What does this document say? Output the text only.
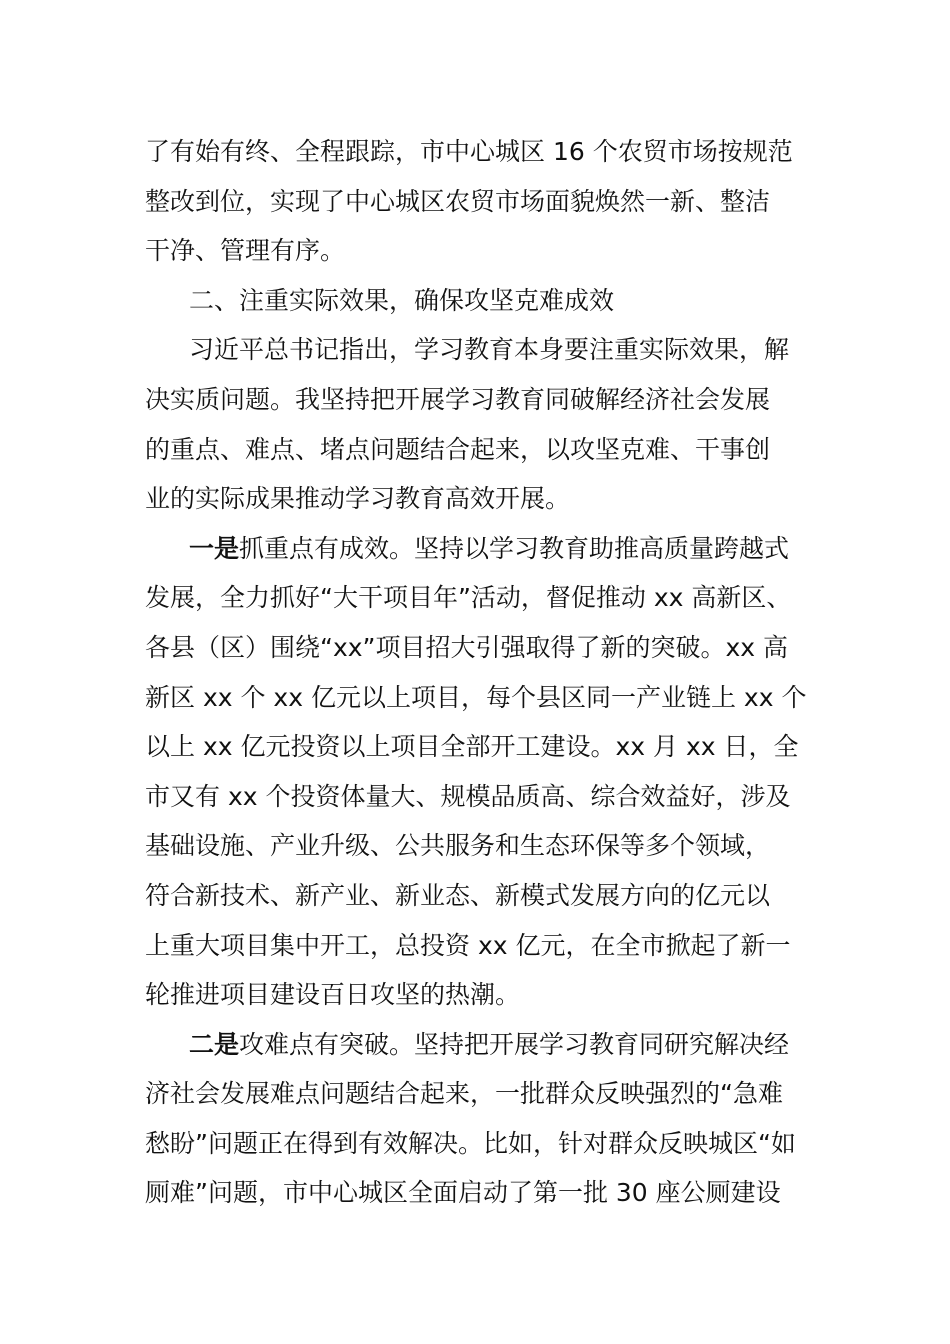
了有始有终、全程跟踪，市中心城区 16 个农贸市场按规范
整改到位，实现了中心城区农贸市场面貌焕然一新、整洁
干净、管理有序。
二、注重实际效果，确保攻坚克难成效
习近平总书记指出，学习教育本身要注重实际效果，解
决实质问题。我坚持把开展学习教育同破解经济社会发展
的重点、难点、堵点问题结合起来，以攻坚克难、干事创
业的实际成果推动学习教育高效开展。
一是抓重点有成效。坚持以学习教育助推高质量跨越式
发展，全力抓好“大干项目年”活动，督促推动 xx 高新区、
各县（区）围绕“xx”项目招大引强取得了新的突破。xx 高
新区 xx 个 xx 亿元以上项目，每个县区同一产业链上 xx 个
以上 xx 亿元投资以上项目全部开工建设。xx 月 xx 日，全
市又有 xx 个投资体量大、规模品质高、综合效益好，涉及
基础设施、产业升级、公共服务和生态环保等多个领域，
符合新技术、新产业、新业态、新模式发展方向的亿元以
上重大项目集中开工，总投资 xx 亿元，在全市掀起了新一
轮推进项目建设百日攻坚的热潮。
二是攻难点有突破。坚持把开展学习教育同研究解决经
济社会发展难点问题结合起来，一批群众反映强烈的“急难
愁盼”问题正在得到有效解决。比如，针对群众反映城区“如
厕难”问题，市中心城区全面启动了第一批 30 座公厕建设
